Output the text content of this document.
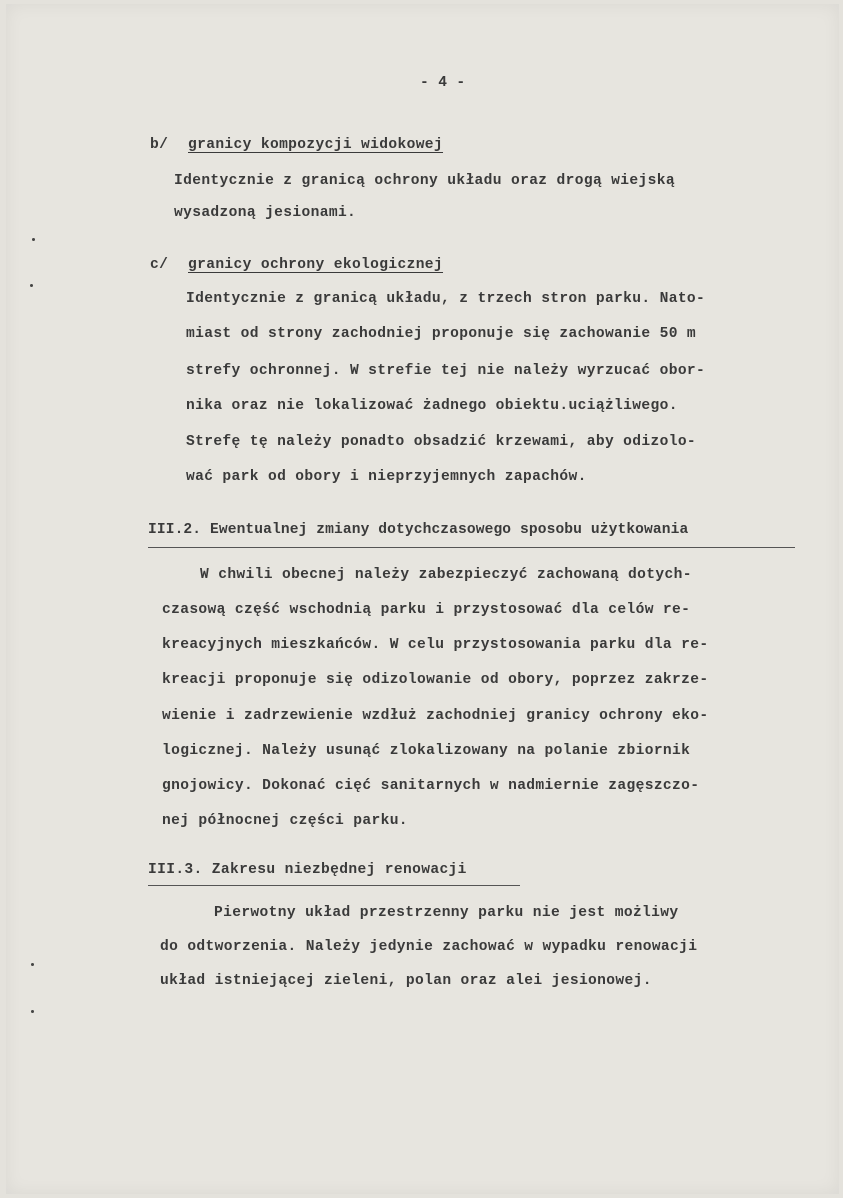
- 4 -
b/ granicy kompozycji widokowej
Identycznie z granicą ochrony układu oraz drogą wiejską
wysadzoną jesionami.
c/ granicy ochrony ekologicznej
Identycznie z granicą układu, z trzech stron parku. Nato-
miast od strony zachodniej proponuje się zachowanie 50 m
strefy ochronnej. W strefie tej nie należy wyrzucać obor-
nika oraz nie lokalizować żadnego obiektu.uciążliwego.
Strefę tę należy ponadto obsadzić krzewami, aby odizolo-
wać park od obory i nieprzyjemnych zapachów.
III.2. Ewentualnej zmiany dotychczasowego sposobu użytkowania
W chwili obecnej należy zabezpieczyć zachowaną dotych-
czasową część wschodnią parku i przystosować dla celów re-
kreacyjnych mieszkańców. W celu przystosowania parku dla re-
kreacji proponuje się odizolowanie od obory, poprzez zakrze-
wienie i zadrzewienie wzdłuż zachodniej granicy ochrony eko-
logicznej. Należy usunąć zlokalizowany na polanie zbiornik
gnojowicy. Dokonać cięć sanitarnych w nadmiernie zagęszczo-
nej północnej części parku.
III.3. Zakresu niezbędnej renowacji
Pierwotny układ przestrzenny parku nie jest możliwy
do odtworzenia. Należy jedynie zachować w wypadku renowacji
układ istniejącej zieleni, polan oraz alei jesionowej.
